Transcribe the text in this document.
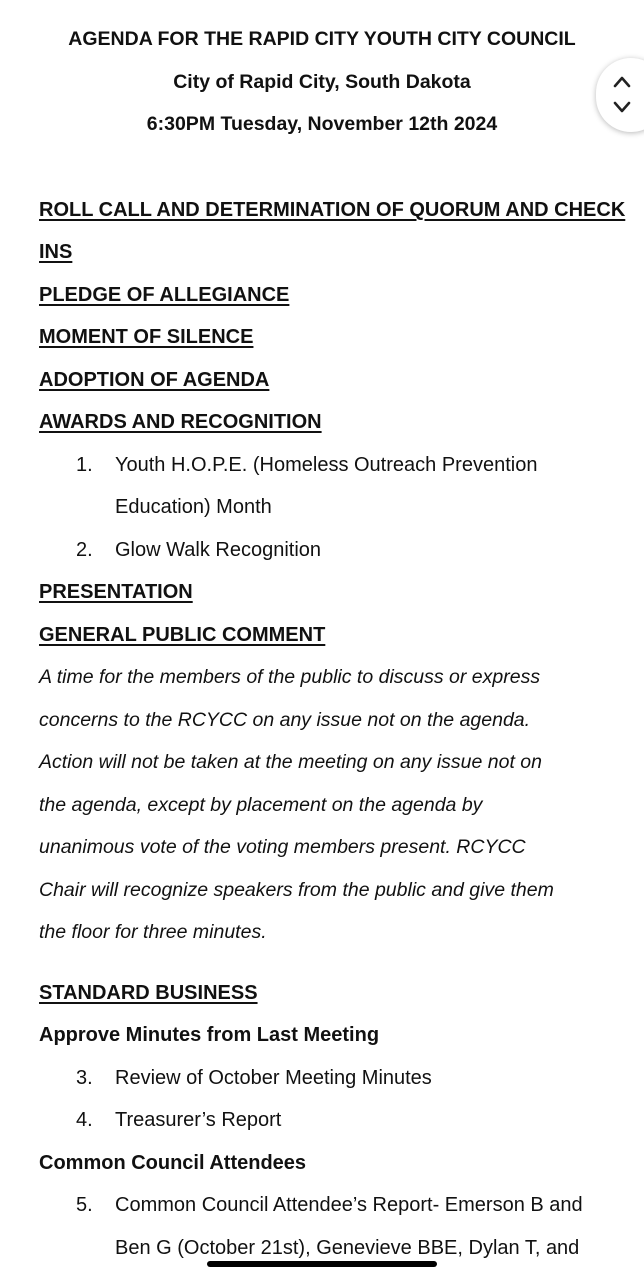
AGENDA FOR THE RAPID CITY YOUTH CITY COUNCIL
City of Rapid City, South Dakota
6:30PM Tuesday, November 12th 2024
ROLL CALL AND DETERMINATION OF QUORUM AND CHECK
INS
PLEDGE OF ALLEGIANCE
MOMENT OF SILENCE
ADOPTION OF AGENDA
AWARDS AND RECOGNITION
1. Youth H.O.P.E. (Homeless Outreach Prevention
Education) Month
2. Glow Walk Recognition
PRESENTATION
GENERAL PUBLIC COMMENT
A time for the members of the public to discuss or express
concerns to the RCYCC on any issue not on the agenda.
Action will not be taken at the meeting on any issue not on
the agenda, except by placement on the agenda by
unanimous vote of the voting members present. RCYCC
Chair will recognize speakers from the public and give them
the floor for three minutes.
STANDARD BUSINESS
Approve Minutes from Last Meeting
3. Review of October Meeting Minutes
4. Treasurer’s Report
Common Council Attendees
5. Common Council Attendee’s Report- Emerson B and
Ben G (October 21st), Genevieve BBE, Dylan T, and
